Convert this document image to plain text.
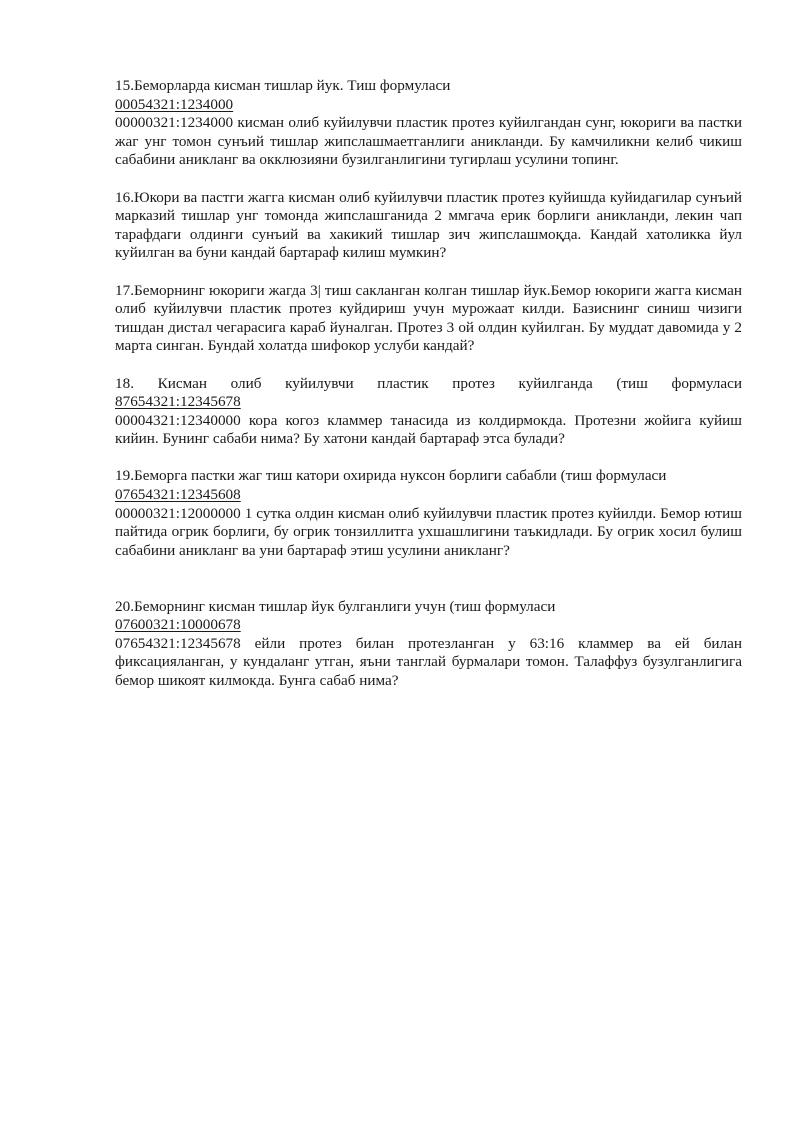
15.Беморларда кисман тишлар йук. Тиш формуласи
00054321:1234000
00000321:1234000 кисман олиб куйилувчи пластик протез куйилгандан сунг, юкориги ва пастки жаг унг томон сунъий тишлар жипслашмаетганлиги аникланди. Бу камчиликни келиб чикиш сабабини аникланг ва окклюзияни бузилганлигини тугирлаш усулини топинг.
16.Юкори ва пастги жагга кисман олиб куйилувчи пластик протез куйишда куйидагилар сунъий марказий тишлар унг томонда жипслашганида 2 ммгача ерик борлиги аникланди, лекин чап тарафдаги олдинги сунъий ва хакикий тишлар зич жипслашмоқда. Кандай хатоликка йул куйилган ва буни кандай бартараф килиш мумкин?
17.Беморнинг юкориги жагда 3| тиш сакланган колган тишлар йук.Бемор юкориги жагга кисман олиб куйилувчи пластик протез куйдириш учун мурожаат килди. Базиснинг синиш чизиги тишдан дистал чегарасига караб йуналган. Протез 3 ой олдин куйилган. Бу муддат давомида у 2 марта синган. Бундай холатда шифокор услуби кандай?
18. Кисман олиб куйилувчи пластик протез куйилганда (тиш формуласи
87654321:12345678
00004321:12340000 кора когоз кламмер танасида из колдирмокда. Протезни жойига куйиш кийин. Бунинг сабаби нима? Бу хатони кандай бартараф этса булади?
19.Беморга пастки жаг тиш катори охирида нуксон борлиги сабабли (тиш формуласи
07654321:12345608
00000321:12000000 1 сутка олдин кисман олиб куйилувчи пластик протез куйилди. Бемор ютиш пайтида огрик борлиги, бу огрик тонзиллитга ухшашлигини таъкидлади. Бу огрик хосил булиш сабабини аникланг ва уни бартараф этиш усулини аникланг?
20.Беморнинг кисман тишлар йук булганлиги учун (тиш формуласи
07600321:10000678
07654321:12345678 ейли протез билан протезланган у 63:16 кламмер ва ей билан фиксацияланган, у кундаланг утган, яъни танглай бурмалари томон. Талаффуз бузулганлигига бемор шикоят килмокда. Бунга сабаб нима?
